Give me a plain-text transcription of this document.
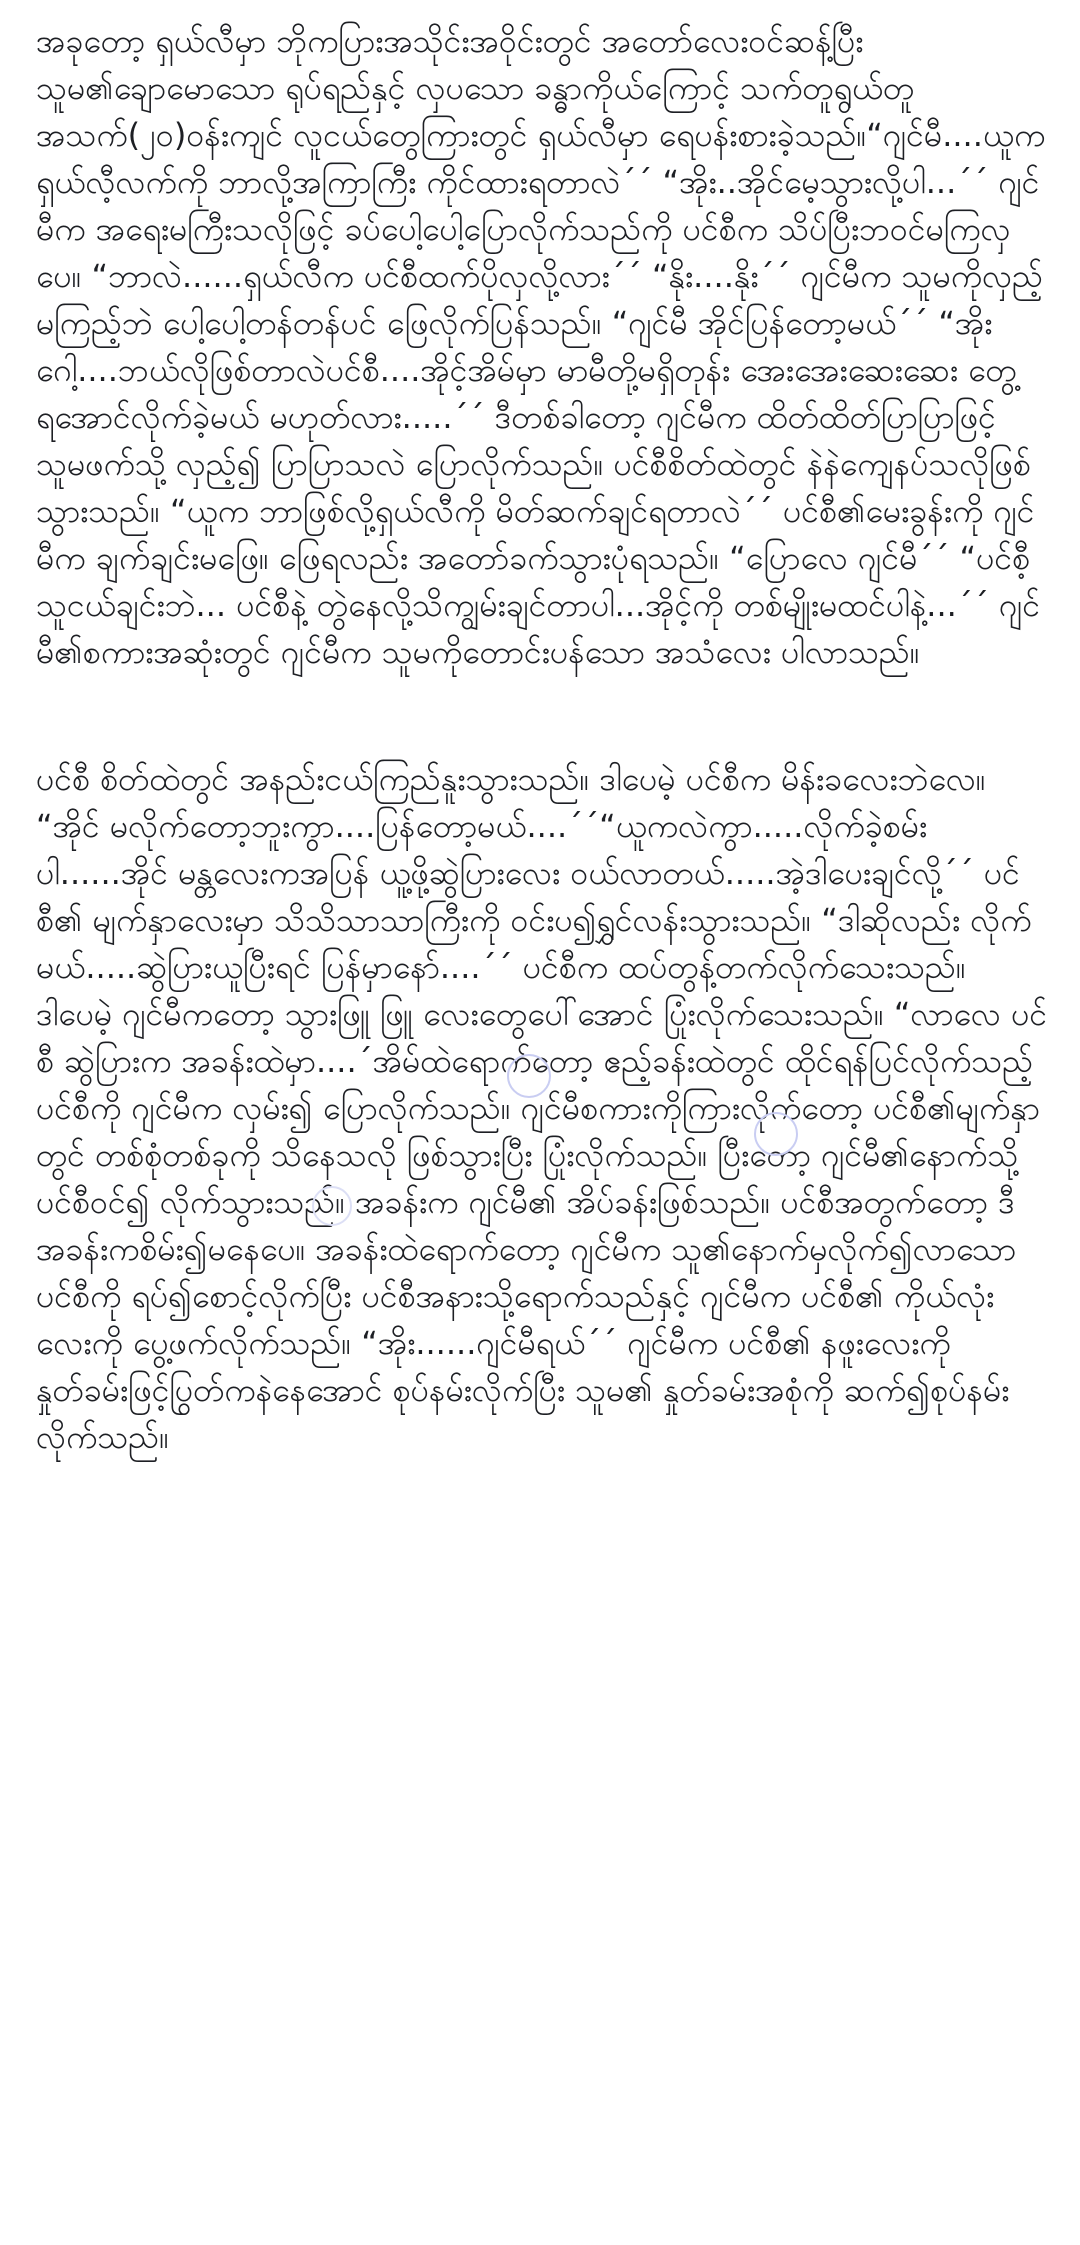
အခုတော့ ရှယ်လီမှာ ဘိုကပြားအသိုင်းအဝိုင်းတွင် အတော်လေးဝင်ဆန့်ပြီး သူမ၏ချောမောသော ရုပ်ရည်နှင့် လှပသော ခန္ဓာကိုယ်ကြောင့် သက်တူရွယ်တူ အသက်(၂၀)ဝန်းကျင် လူငယ်တွေကြားတွင် ရှယ်လီမှာ ရေပန်းစားခဲ့သည်။“ဂျင်မီ....ယူက ရှယ်လီ့လက်ကို ဘာလို့အကြာကြီး ကိုင်ထားရတာလဲ´´ “အိုး..အိုင်မေ့သွားလို့ပါ...´´ ဂျင်မီက အရေးမကြီးသလိုဖြင့် ခပ်ပေါ့ပေါ့ပြောလိုက်သည်ကို ပင်စီက သိပ်ပြီးဘဝင်မကြလှပေ။ “ဘာလဲ......ရှယ်လီက ပင်စီထက်ပိုလှလို့လား´´ “နိုး....နိုး´´ ဂျင်မီက သူမကိုလှည့်မကြည့်ဘဲ ပေါ့ပေါ့တန်တန်ပင် ဖြေလိုက်ပြန်သည်။ “ဂျင်မီ အိုင်ပြန်တော့မယ်´´ “အိုးဂေါ့....ဘယ်လိုဖြစ်တာလဲပင်စီ....အိုင့်အိမ်မှာ မာမီတို့မရှိတုန်း အေးအေးဆေးဆေး တွေ့ရအောင်လိုက်ခဲ့မယ် မဟုတ်လား.....´´ ဒီတစ်ခါတော့ ဂျင်မီက ထိတ်ထိတ်ပြာပြာဖြင့် သူမဖက်သို့ လှည့်၍ ပြာပြာသလဲ ပြောလိုက်သည်။ ပင်စီစိတ်ထဲတွင် နဲနဲကျေနပ်သလိုဖြစ်သွားသည်။ “ယူက ဘာဖြစ်လို့ရှယ်လီကို မိတ်ဆက်ချင်ရတာလဲ´´ ပင်စီ၏မေးခွန်းကို ဂျင်မီက ချက်ချင်းမဖြေ။ ဖြေရလည်း အတော်ခက်သွားပုံရသည်။ “ပြောလေ ဂျင်မီ´´ “ပင်စီ့ သူငယ်ချင်းဘဲ... ပင်စီနဲ့ တွဲနေလို့သိကျွမ်းချင်တာပါ...အိုင့်ကို တစ်မျိုးမထင်ပါနဲ့...´´ ဂျင်မီ၏စကားအဆုံးတွင် ဂျင်မီက သူမကိုတောင်းပန်သော အသံလေး ပါလာသည်။

ပင်စီ စိတ်ထဲတွင် အနည်းငယ်ကြည်နူးသွားသည်။ ဒါပေမဲ့ ပင်စီက မိန်းခလေးဘဲလေ။ “အိုင် မလိုက်တော့ဘူးကွာ....ပြန်တော့မယ်....´´“ယူကလဲကွာ.....လိုက်ခဲ့စမ်းပါ......အိုင် မန္တလေးကအပြန် ယူ့ဖို့ဆွဲပြားလေး ဝယ်လာတယ်.....အဲ့ဒါပေးချင်လို့´´ ပင်စီ၏ မျက်နှာလေးမှာ သိသိသာသာကြီးကို ဝင်းပ၍ရွှင်လန်းသွားသည်။ “ဒါဆိုလည်း လိုက်မယ်.....ဆွဲပြားယူပြီးရင် ပြန်မှာနော်....´´ ပင်စီက ထပ်တွန့်တက်လိုက်သေးသည်။ ဒါပေမဲ့ ဂျင်မီကတော့ သွားဖြူ ဖြူ လေးတွေပေါ်အောင် ပြုံးလိုက်သေးသည်။ “လာလေ ပင်စီ ဆွဲပြားက အခန်းထဲမှာ....´အိမ်ထဲရောက်တော့ ဧည့်ခန်းထဲတွင် ထိုင်ရန်ပြင်လိုက်သည့် ပင်စီကို ဂျင်မီက လှမ်း၍ ပြောလိုက်သည်။ ဂျင်မီစကားကိုကြားလိုက်တော့ ပင်စီ၏မျက်နှာတွင် တစ်စုံတစ်ခုကို သိနေသလို ဖြစ်သွားပြီး ပြုံးလိုက်သည်။ ပြီးတော့ ဂျင်မီ၏နောက်သို့ ပင်စီဝင်၍ လိုက်သွားသည်။ အခန်းက ဂျင်မီ၏ အိပ်ခန်းဖြစ်သည်။ ပင်စီအတွက်တော့ ဒီအခန်းကစိမ်း၍မနေပေ။ အခန်းထဲရောက်တော့ ဂျင်မီက သူ၏နောက်မှလိုက်၍လာသော ပင်စီကို ရပ်၍စောင့်လိုက်ပြီး ပင်စီအနားသို့ရောက်သည်နှင့် ဂျင်မီက ပင်စီ၏ ကိုယ်လုံးလေးကို ပွေ့ဖက်လိုက်သည်။ “အိုး......ဂျင်မီရယ်´´ ဂျင်မီက ပင်စီ၏ နဖူးလေးကို နှုတ်ခမ်းဖြင့်ပြွတ်ကနဲနေအောင် စုပ်နမ်းလိုက်ပြီး သူမ၏ နှုတ်ခမ်းအစုံကို ဆက်၍စုပ်နမ်းလိုက်သည်။
